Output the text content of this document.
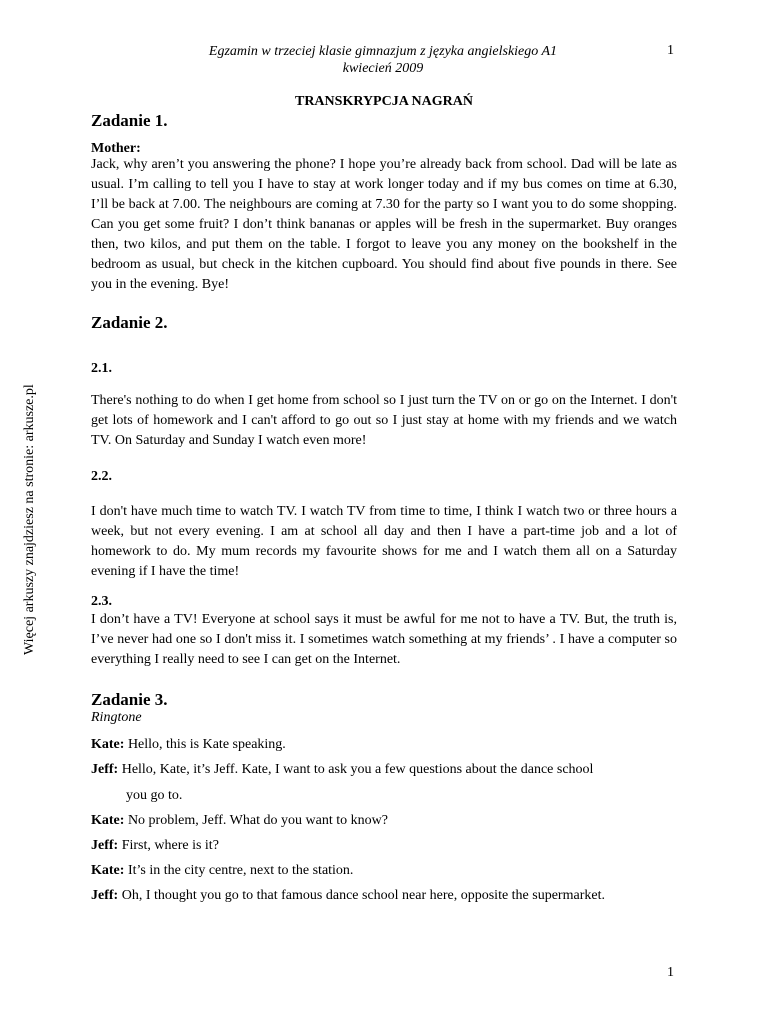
Egzamin w trzeciej klasie gimnazjum z języka angielskiego A1
kwiecień 2009
1
Więcej arkuszy znajdziesz na stronie: arkusze.pl
TRANSKRYPCJA NAGRAŃ
Zadanie 1.
Mother:
Jack, why aren’t you answering the phone? I hope you’re already back from school. Dad will be late as usual. I’m calling to tell you I have to stay at work longer today and if my bus comes on time at 6.30, I’ll be back at 7.00. The neighbours are coming at 7.30 for the party so I want you to do some shopping. Can you get some fruit? I don’t think bananas or apples will be fresh in the supermarket. Buy oranges then, two kilos, and put them on the table. I forgot to leave you any money on the bookshelf in the bedroom as usual, but check in the kitchen cupboard. You should find about five pounds in there. See you in the evening. Bye!
Zadanie 2.
2.1.
There's nothing to do when I get home from school so I just turn the TV on or go on the Internet. I don't get lots of homework and I can't afford to go out so I just stay at home with my friends and we watch TV. On Saturday and Sunday I watch even more!
2.2.
I don't have much time to watch TV. I watch TV from time to time, I think I watch two or three hours a week, but not every evening. I am at school all day and then I have a part-time job and a lot of homework to do. My mum records my favourite shows for me and I watch them all on a Saturday evening if I have the time!
2.3.
I don’t have a TV! Everyone at school says it must be awful for me not to have a TV. But, the truth is, I’ve never had one so I don't miss it. I sometimes watch something at my friends’ . I have a computer so everything I really need to see I can get on the Internet.
Zadanie 3.
Ringtone
Kate: Hello, this is Kate speaking.
Jeff: Hello, Kate, it’s Jeff. Kate, I want to ask you a few questions about the dance school
you go to.
Kate: No problem, Jeff. What do you want to know?
Jeff: First, where is it?
Kate: It’s in the city centre, next to the station.
Jeff: Oh, I thought you go to that famous dance school near here, opposite the supermarket.
1
